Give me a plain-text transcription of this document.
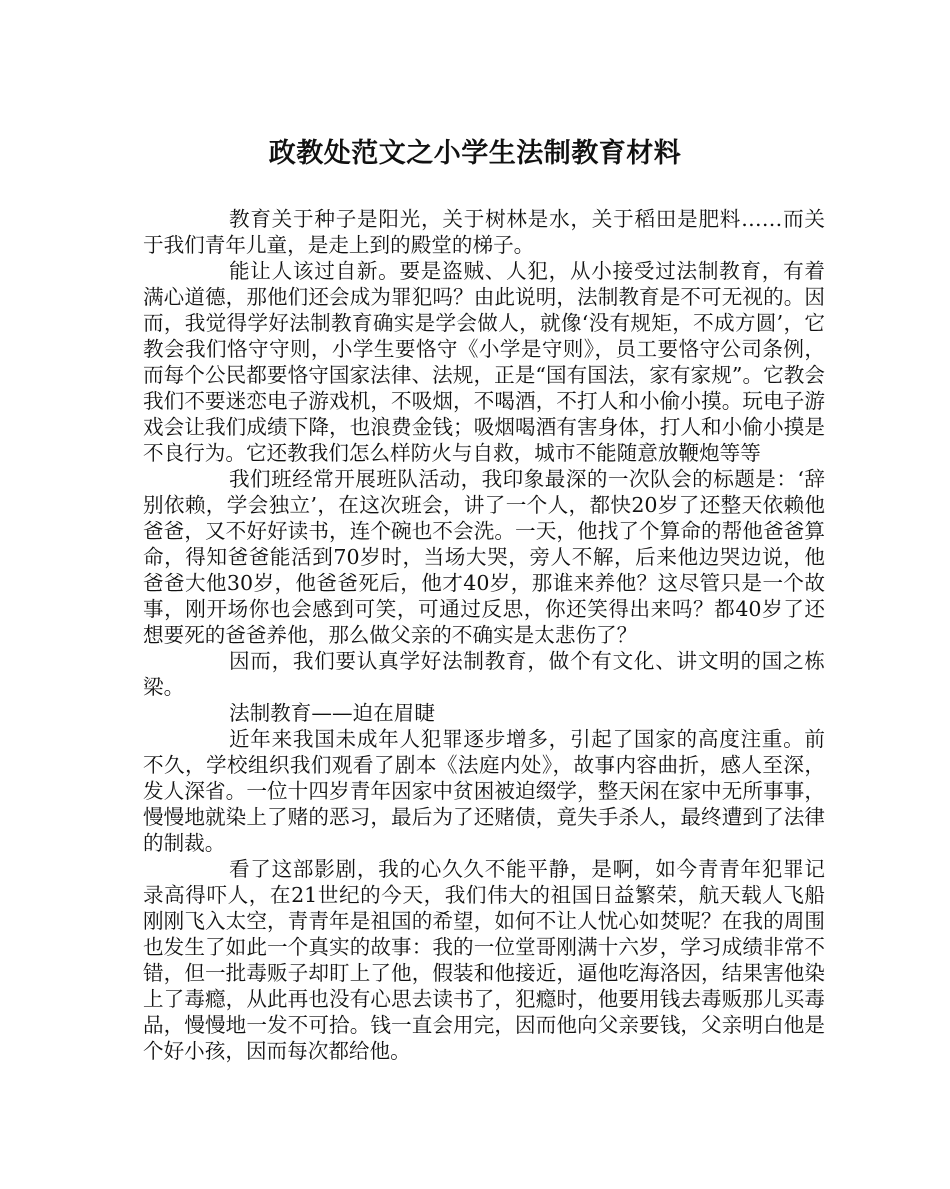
政教处范文之小学生法制教育材料

教育关于种子是阳光，关于树林是水，关于稻田是肥料……而关于我们青年儿童，是走上到的殿堂的梯子。

能让人该过自新。要是盗贼、人犯，从小接受过法制教育，有着满心道德，那他们还会成为罪犯吗？由此说明，法制教育是不可无视的。因而，我觉得学好法制教育确实是学会做人，就像‘没有规矩，不成方圆’，它教会我们恪守守则，小学生要恪守《小学是守则》，员工要恪守公司条例，而每个公民都要恪守国家法律、法规，正是“国有国法，家有家规”。它教会我们不要迷恋电子游戏机，不吸烟，不喝酒，不打人和小偷小摸。玩电子游戏会让我们成绩下降，也浪费金钱；吸烟喝酒有害身体，打人和小偷小摸是不良行为。它还教我们怎么样防火与自救，城市不能随意放鞭炮等等

我们班经常开展班队活动，我印象最深的一次队会的标题是：‘辞别依赖，学会独立’，在这次班会，讲了一个人，都快20岁了还整天依赖他爸爸，又不好好读书，连个碗也不会洗。一天，他找了个算命的帮他爸爸算命，得知爸爸能活到70岁时，当场大哭，旁人不解，后来他边哭边说，他爸爸大他30岁，他爸爸死后，他才40岁，那谁来养他？这尽管只是一个故事，刚开场你也会感到可笑，可通过反思，你还笑得出来吗？都40岁了还想要死的爸爸养他，那么做父亲的不确实是太悲伤了？

因而，我们要认真学好法制教育，做个有文化、讲文明的国之栋梁。

法制教育——迫在眉睫

近年来我国未成年人犯罪逐步增多，引起了国家的高度注重。前不久，学校组织我们观看了剧本《法庭内处》，故事内容曲折，感人至深，发人深省。一位十四岁青年因家中贫困被迫缀学，整天闲在家中无所事事，慢慢地就染上了赌的恶习，最后为了还赌债，竟失手杀人，最终遭到了法律的制裁。

看了这部影剧，我的心久久不能平静，是啊，如今青青年犯罪记录高得吓人，在21世纪的今天，我们伟大的祖国日益繁荣，航天载人飞船刚刚飞入太空，青青年是祖国的希望，如何不让人忧心如焚呢？在我的周围也发生了如此一个真实的故事：我的一位堂哥刚满十六岁，学习成绩非常不错，但一批毒贩子却盯上了他，假装和他接近，逼他吃海洛因，结果害他染上了毒瘾，从此再也没有心思去读书了，犯瘾时，他要用钱去毒贩那儿买毒品，慢慢地一发不可拾。钱一直会用完，因而他向父亲要钱，父亲明白他是个好小孩，因而每次都给他。
